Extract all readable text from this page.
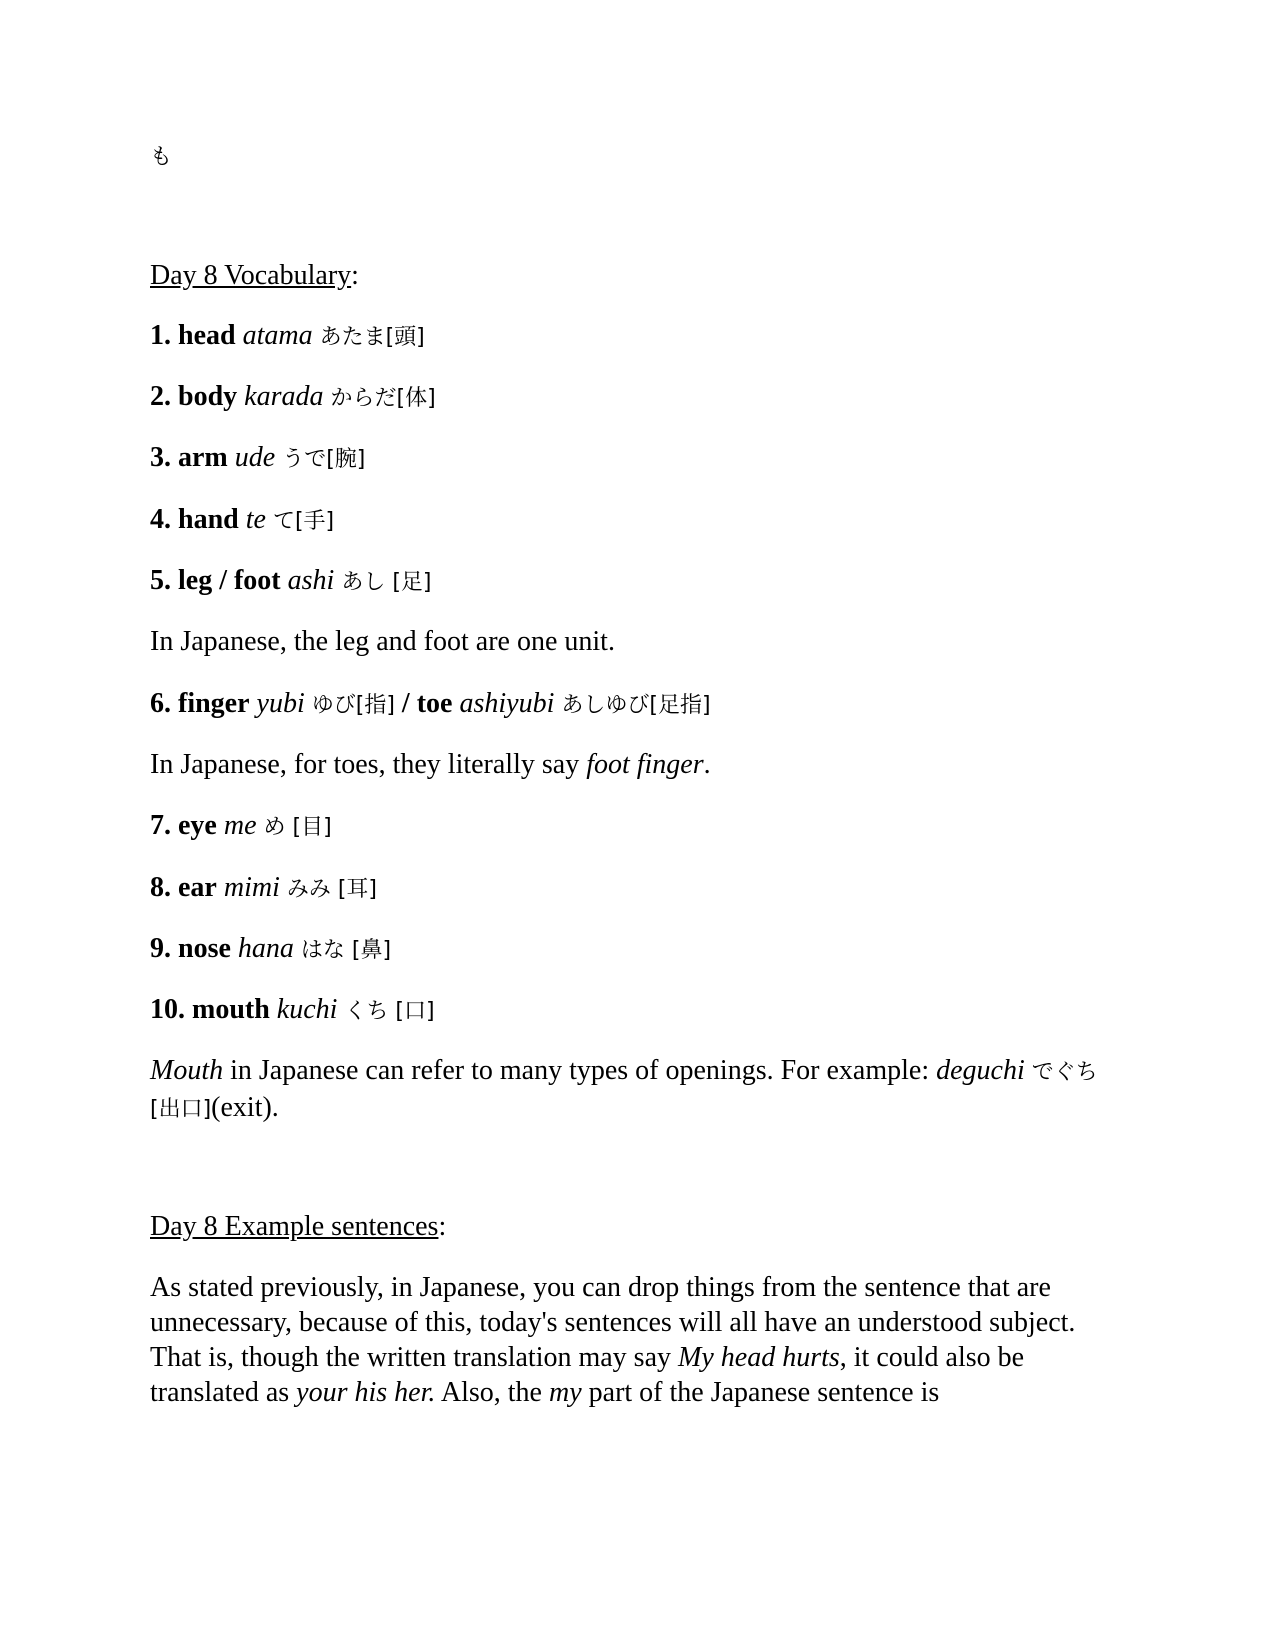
も
Day 8 Vocabulary:
1. head atama あたま[頭]
2. body karada からだ[体]
3. arm ude うで[腕]
4. hand te て[手]
5. leg / foot ashi あし [足]
In Japanese, the leg and foot are one unit.
6. finger yubi ゆび[指] / toe ashiyubi あしゆび[足指]
In Japanese, for toes, they literally say foot finger.
7. eye me め [目]
8. ear mimi みみ [耳]
9. nose hana はな [鼻]
10. mouth kuchi くち [口]
Mouth in Japanese can refer to many types of openings. For example: deguchi でぐち[出口](exit).
Day 8 Example sentences:
As stated previously, in Japanese, you can drop things from the sentence that are unnecessary, because of this, today's sentences will all have an understood subject. That is, though the written translation may say My head hurts, it could also be translated as your his her. Also, the my part of the Japanese sentence is
